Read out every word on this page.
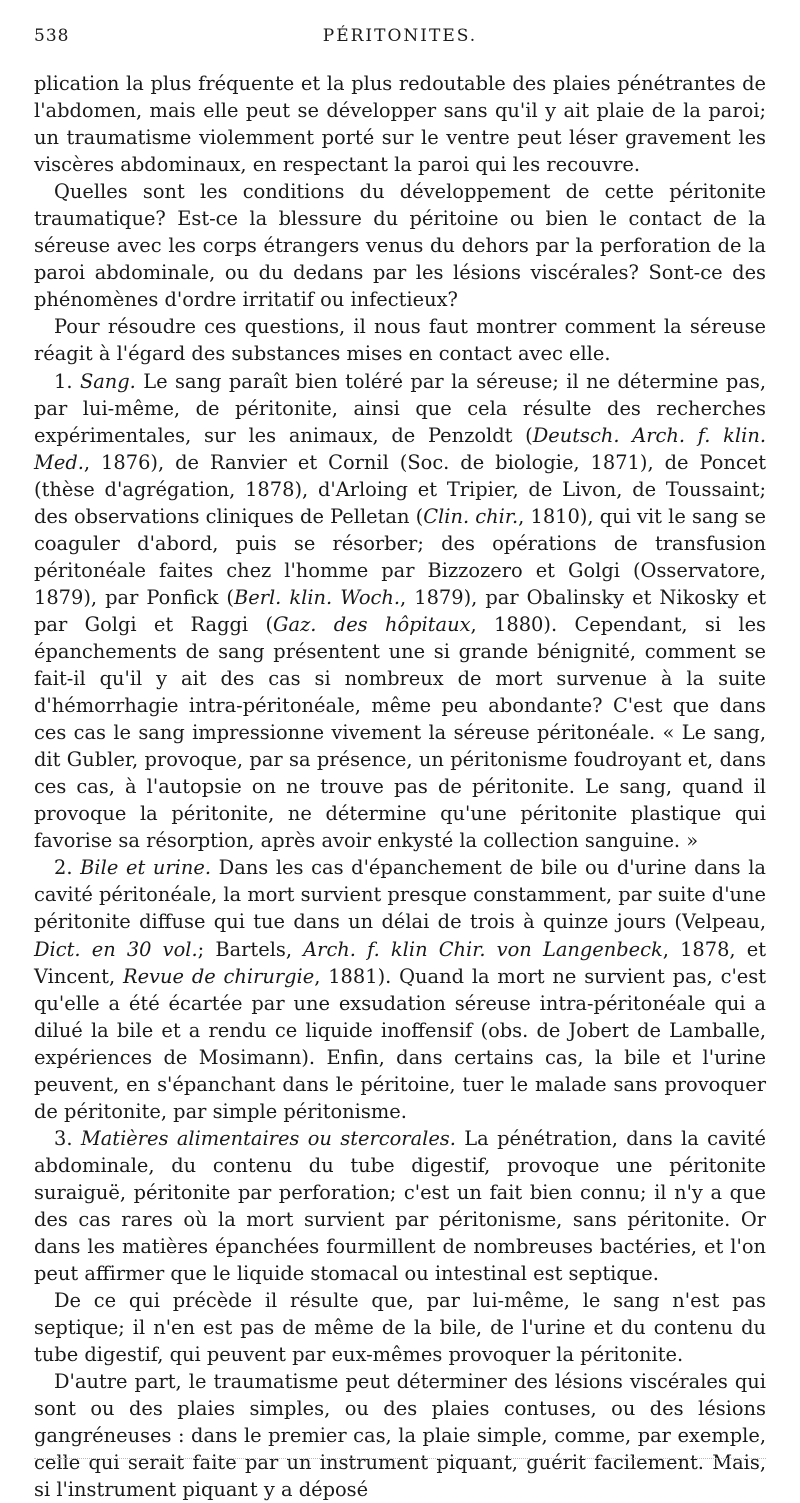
538	PÉRITONITES.

plication la plus fréquente et la plus redoutable des plaies pénétrantes de l'abdomen, mais elle peut se développer sans qu'il y ait plaie de la paroi; un traumatisme violemment porté sur le ventre peut léser gravement les viscères abdominaux, en respectant la paroi qui les recouvre.

Quelles sont les conditions du développement de cette péritonite traumatique? Est-ce la blessure du péritoine ou bien le contact de la séreuse avec les corps étrangers venus du dehors par la perforation de la paroi abdominale, ou du dedans par les lésions viscérales? Sont-ce des phénomènes d'ordre irritatif ou infectieux?

Pour résoudre ces questions, il nous faut montrer comment la séreuse réagit à l'égard des substances mises en contact avec elle.

1. Sang. Le sang paraît bien toléré par la séreuse; il ne détermine pas, par lui-même, de péritonite, ainsi que cela résulte des recherches expérimentales, sur les animaux, de Penzoldt (Deutsch. Arch. f. klin. Med., 1876), de Ranvier et Cornil (Soc. de biologie, 1871), de Poncet (thèse d'agrégation, 1878), d'Arloing et Tripier, de Livon, de Toussaint; des observations cliniques de Pelletan (Clin. chir., 1810), qui vit le sang se coaguler d'abord, puis se résorber; des opérations de transfusion péritonéale faites chez l'homme par Bizzozero et Golgi (Osservatore, 1879), par Ponfick (Berl. klin. Woch., 1879), par Obalinsky et Nikosky et par Golgi et Raggi (Gaz. des hôpitaux, 1880). Cependant, si les épanchements de sang présentent une si grande bénignité, comment se fait-il qu'il y ait des cas si nombreux de mort survenue à la suite d'hémorrhagie intra-péritonéale, même peu abondante? C'est que dans ces cas le sang impressionne vivement la séreuse péritonéale. « Le sang, dit Gubler, provoque, par sa présence, un péritonisme foudroyant et, dans ces cas, à l'autopsie on ne trouve pas de péritonite. Le sang, quand il provoque la péritonite, ne détermine qu'une péritonite plastique qui favorise sa résorption, après avoir enkysté la collection sanguine. »

2. Bile et urine. Dans les cas d'épanchement de bile ou d'urine dans la cavité péritonéale, la mort survient presque constamment, par suite d'une péritonite diffuse qui tue dans un délai de trois à quinze jours (Velpeau, Dict. en 30 vol.; Bartels, Arch. f. klin Chir. von Langenbeck, 1878, et Vincent, Revue de chirurgie, 1881). Quand la mort ne survient pas, c'est qu'elle a été écartée par une exsudation séreuse intra-péritonéale qui a dilué la bile et a rendu ce liquide inoffensif (obs. de Jobert de Lamballe, expériences de Mosimann). Enfin, dans certains cas, la bile et l'urine peuvent, en s'épanchant dans le péritoine, tuer le malade sans provoquer de péritonite, par simple péritonisme.

3. Matières alimentaires ou stercorales. La pénétration, dans la cavité abdominale, du contenu du tube digestif, provoque une péritonite suraiguë, péritonite par perforation; c'est un fait bien connu; il n'y a que des cas rares où la mort survient par péritonisme, sans péritonite. Or dans les matières épanchées fourmillent de nombreuses bactéries, et l'on peut affirmer que le liquide stomacal ou intestinal est septique.

De ce qui précède il résulte que, par lui-même, le sang n'est pas septique; il n'en est pas de même de la bile, de l'urine et du contenu du tube digestif, qui peuvent par eux-mêmes provoquer la péritonite.

D'autre part, le traumatisme peut déterminer des lésions viscérales qui sont ou des plaies simples, ou des plaies contuses, ou des lésions gangréneuses : dans le premier cas, la plaie simple, comme, par exemple, celle qui serait faite par un instrument piquant, guérit facilement. Mais, si l'instrument piquant y a déposé
